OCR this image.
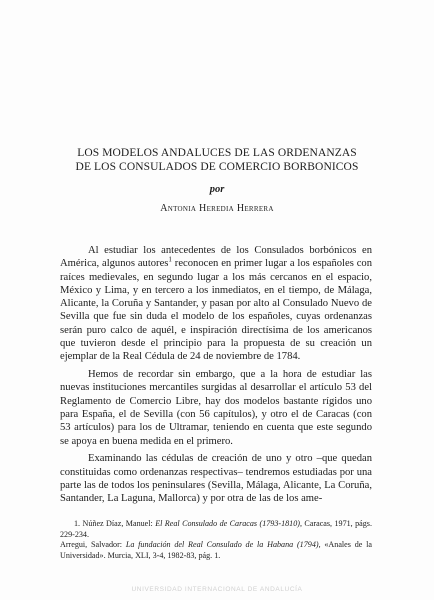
LOS MODELOS ANDALUCES DE LAS ORDENANZAS
DE LOS CONSULADOS DE COMERCIO BORBONICOS
por
Antonia Heredia Herrera

Al estudiar los antecedentes de los Consulados borbónicos en América, algunos autores$^1$ reconocen en primer lugar a los españoles con raíces medievales, en segundo lugar a los más cercanos en el espacio, México y Lima, y en tercero a los inmediatos, en el tiempo, de Málaga, Alicante, la Coruña y Santander, y pasan por alto al Consulado Nuevo de Sevilla que fue sin duda el modelo de los españoles, cuyas ordenanzas serán puro calco de aquél, e inspiración directísima de los americanos que tuvieron desde el principio para la propuesta de su creación un ejemplar de la Real Cédula de 24 de noviembre de 1784.

Hemos de recordar sin embargo, que a la hora de estudiar las nuevas instituciones mercantiles surgidas al desarrollar el artículo 53 del Reglamento de Comercio Libre, hay dos modelos bastante rígidos uno para España, el de Sevilla (con 56 capítulos), y otro el de Caracas (con 53 artículos) para los de Ultramar, teniendo en cuenta que este segundo se apoya en buena medida en el primero.

Examinando las cédulas de creación de uno y otro –que quedan constituidas como ordenanzas respectivas– tendremos estudiadas por una parte las de todos los peninsulares (Sevilla, Málaga, Alicante, La Coruña, Santander, La Laguna, Mallorca) y por otra de las de los ame-

1. Núñez Díaz, Manuel: El Real Consulado de Caracas (1793-1810), Caracas, 1971, págs. 229-234.

Arregui, Salvador: La fundación del Real Consulado de la Habana (1794), «Anales de la Universidad». Murcia, XLI, 3-4, 1982-83, pág. 1.

UNIVERSIDAD INTERNACIONAL DE ANDALUCÍA
